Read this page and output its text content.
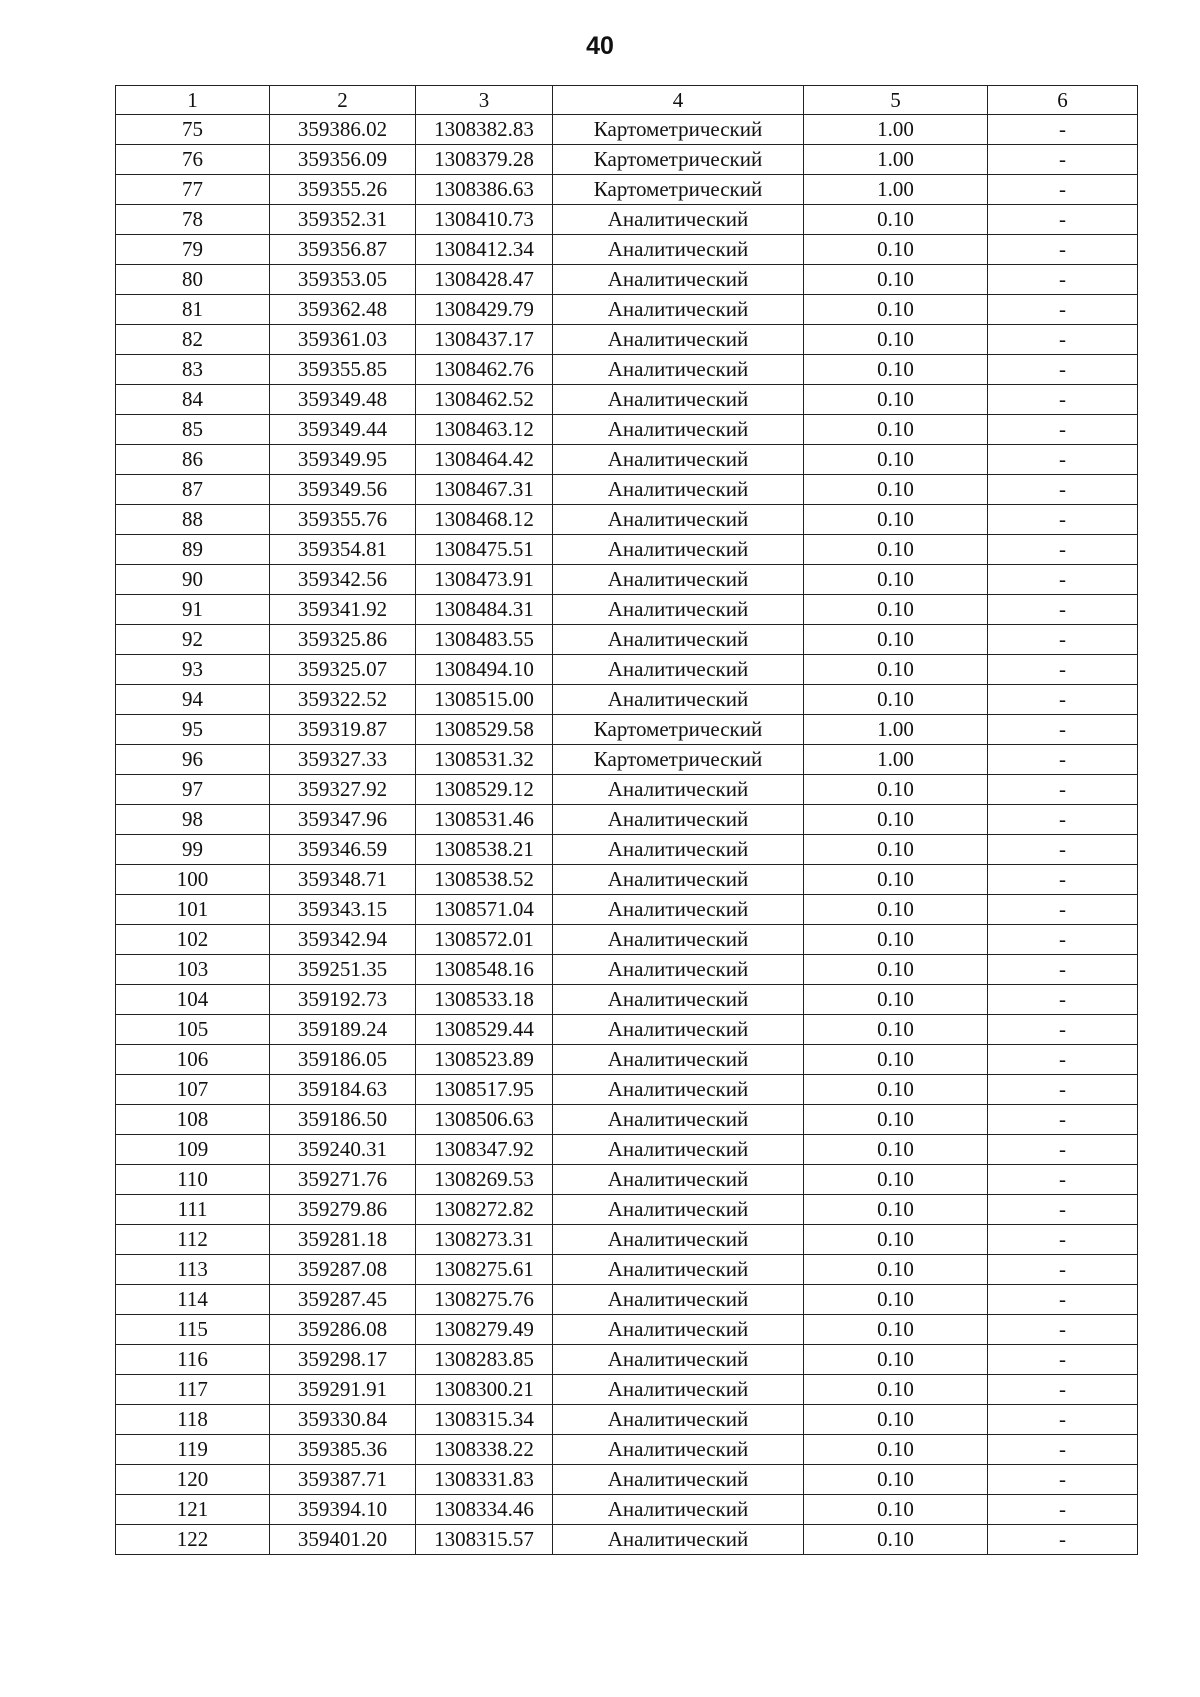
40
1	2	3	4	5	6
75	359386.02	1308382.83	Картометрический	1.00	-
76	359356.09	1308379.28	Картометрический	1.00	-
77	359355.26	1308386.63	Картометрический	1.00	-
78	359352.31	1308410.73	Аналитический	0.10	-
79	359356.87	1308412.34	Аналитический	0.10	-
80	359353.05	1308428.47	Аналитический	0.10	-
81	359362.48	1308429.79	Аналитический	0.10	-
82	359361.03	1308437.17	Аналитический	0.10	-
83	359355.85	1308462.76	Аналитический	0.10	-
84	359349.48	1308462.52	Аналитический	0.10	-
85	359349.44	1308463.12	Аналитический	0.10	-
86	359349.95	1308464.42	Аналитический	0.10	-
87	359349.56	1308467.31	Аналитический	0.10	-
88	359355.76	1308468.12	Аналитический	0.10	-
89	359354.81	1308475.51	Аналитический	0.10	-
90	359342.56	1308473.91	Аналитический	0.10	-
91	359341.92	1308484.31	Аналитический	0.10	-
92	359325.86	1308483.55	Аналитический	0.10	-
93	359325.07	1308494.10	Аналитический	0.10	-
94	359322.52	1308515.00	Аналитический	0.10	-
95	359319.87	1308529.58	Картометрический	1.00	-
96	359327.33	1308531.32	Картометрический	1.00	-
97	359327.92	1308529.12	Аналитический	0.10	-
98	359347.96	1308531.46	Аналитический	0.10	-
99	359346.59	1308538.21	Аналитический	0.10	-
100	359348.71	1308538.52	Аналитический	0.10	-
101	359343.15	1308571.04	Аналитический	0.10	-
102	359342.94	1308572.01	Аналитический	0.10	-
103	359251.35	1308548.16	Аналитический	0.10	-
104	359192.73	1308533.18	Аналитический	0.10	-
105	359189.24	1308529.44	Аналитический	0.10	-
106	359186.05	1308523.89	Аналитический	0.10	-
107	359184.63	1308517.95	Аналитический	0.10	-
108	359186.50	1308506.63	Аналитический	0.10	-
109	359240.31	1308347.92	Аналитический	0.10	-
110	359271.76	1308269.53	Аналитический	0.10	-
111	359279.86	1308272.82	Аналитический	0.10	-
112	359281.18	1308273.31	Аналитический	0.10	-
113	359287.08	1308275.61	Аналитический	0.10	-
114	359287.45	1308275.76	Аналитический	0.10	-
115	359286.08	1308279.49	Аналитический	0.10	-
116	359298.17	1308283.85	Аналитический	0.10	-
117	359291.91	1308300.21	Аналитический	0.10	-
118	359330.84	1308315.34	Аналитический	0.10	-
119	359385.36	1308338.22	Аналитический	0.10	-
120	359387.71	1308331.83	Аналитический	0.10	-
121	359394.10	1308334.46	Аналитический	0.10	-
122	359401.20	1308315.57	Аналитический	0.10	-
